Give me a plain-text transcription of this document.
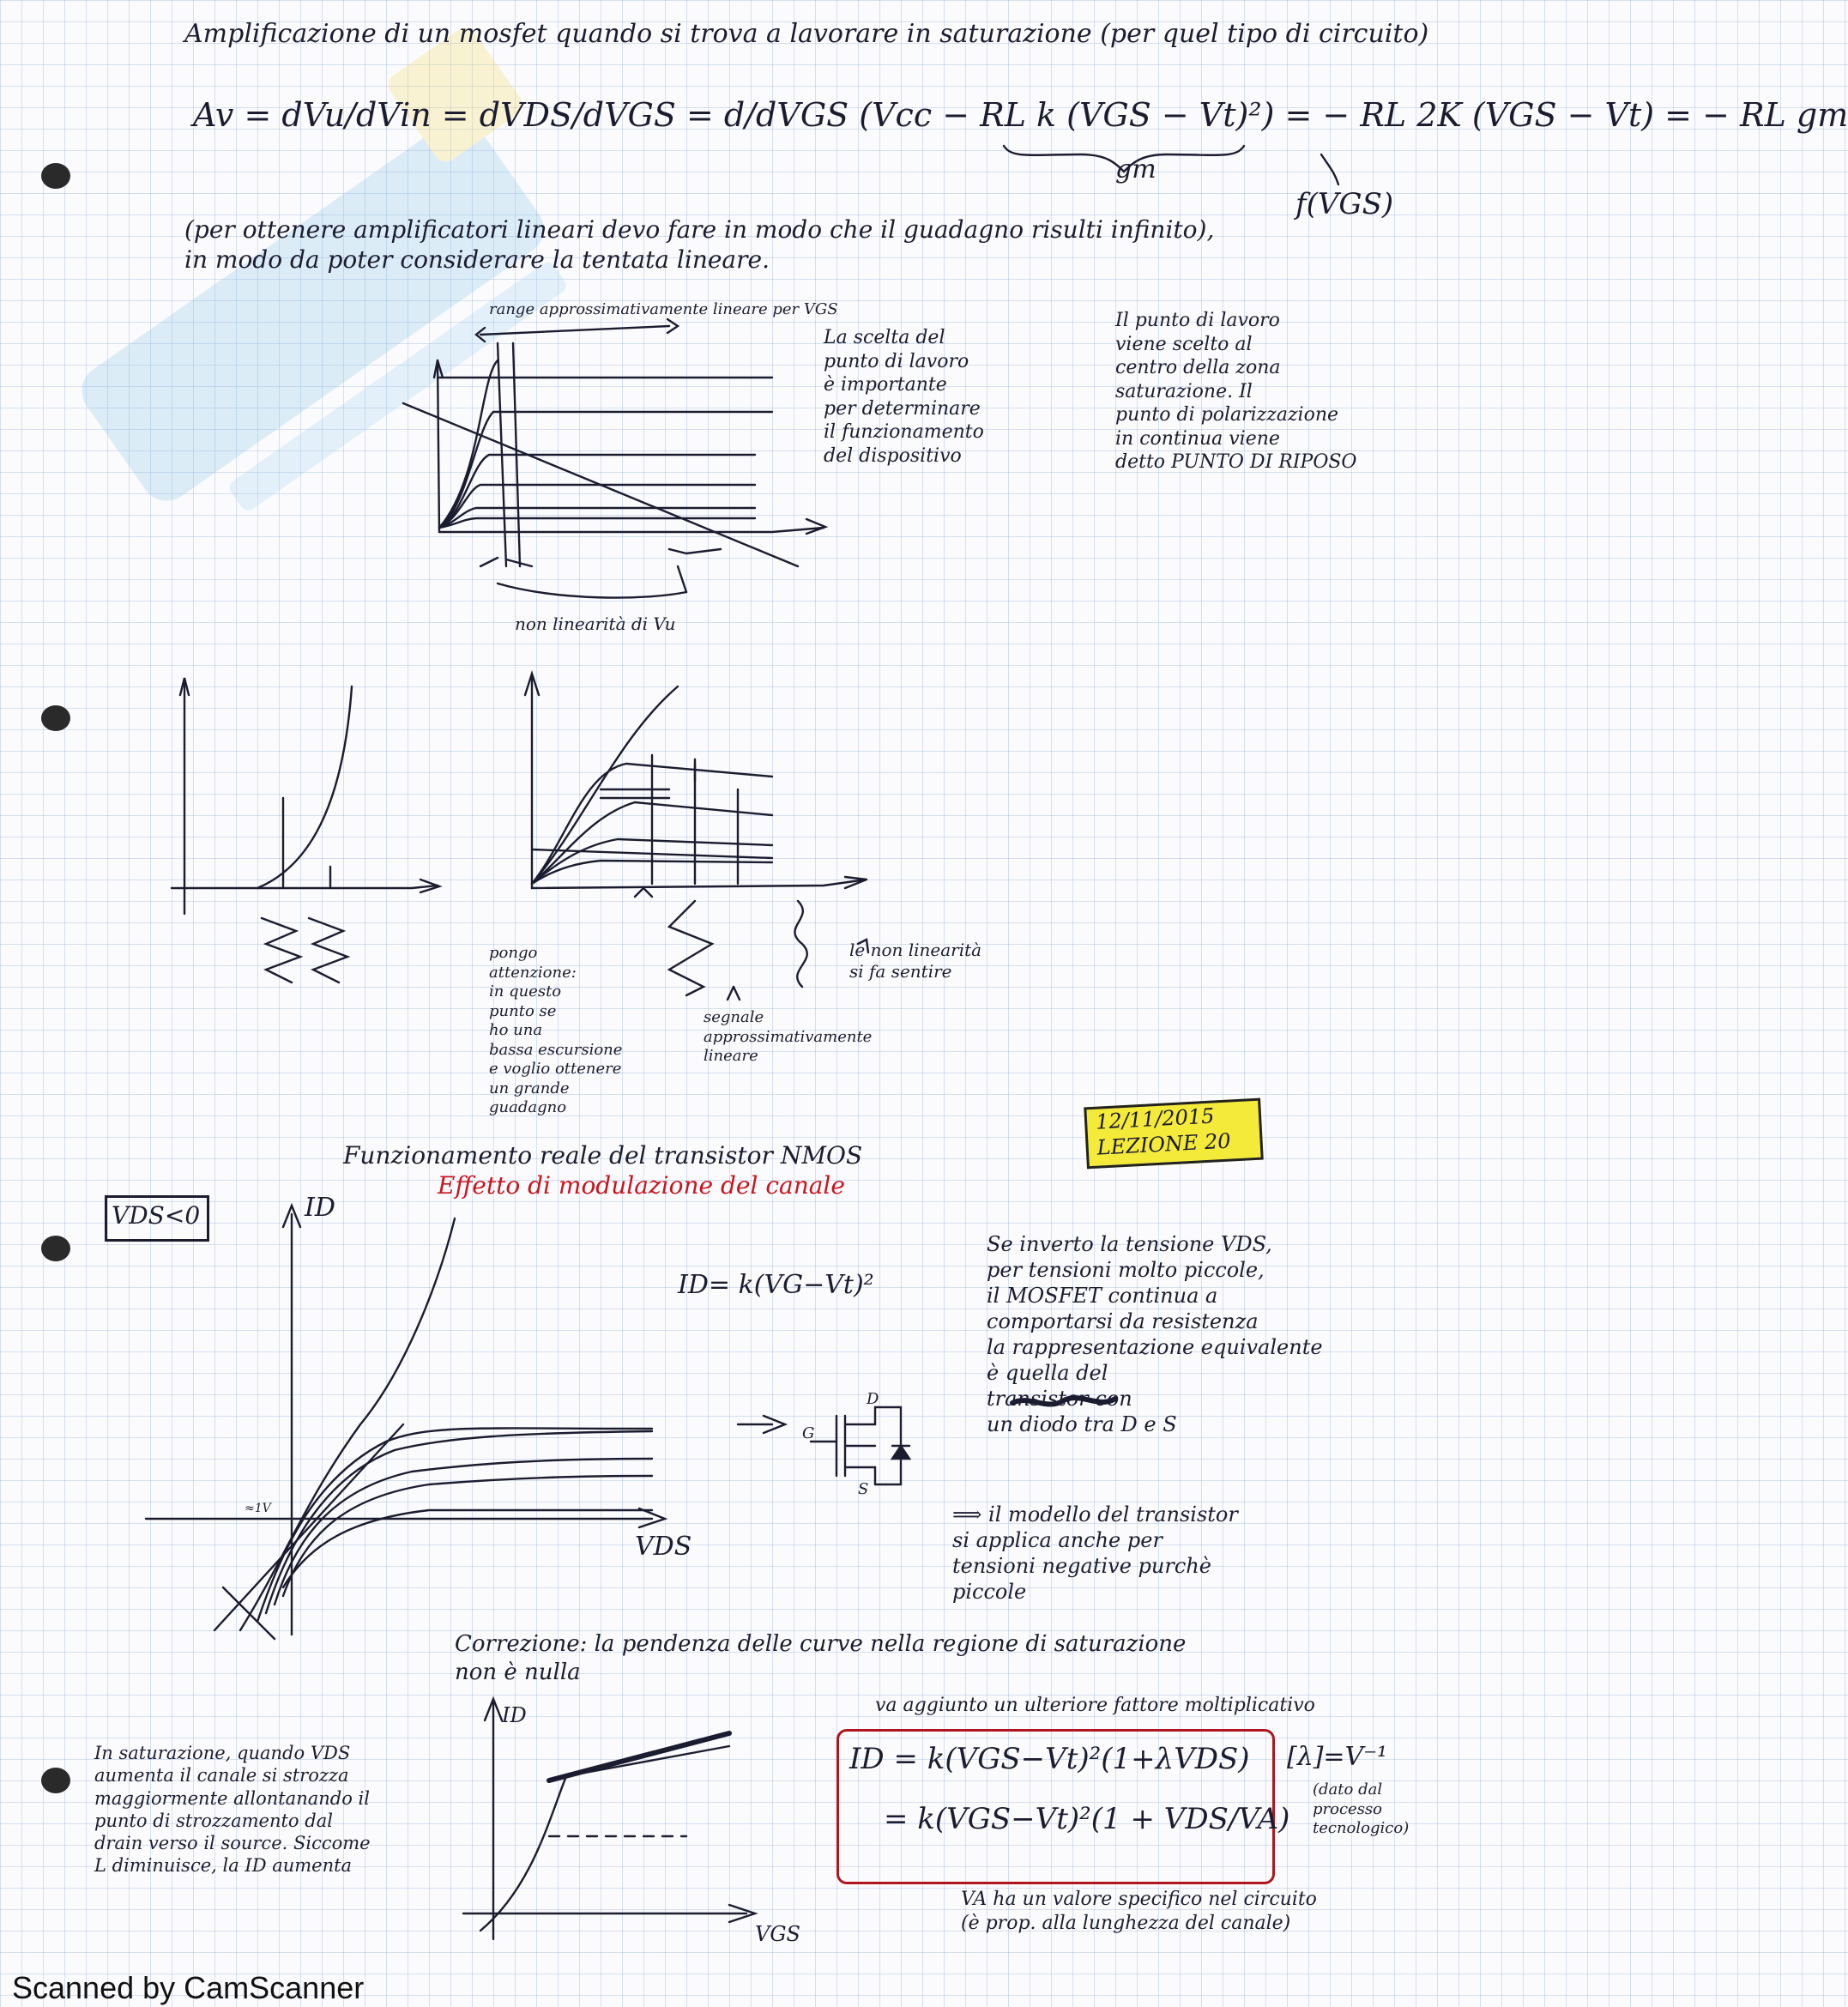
Amplificazione di un mosfet quando si trova a lavorare in saturazione (per quel tipo di circuito)
Av = dVu/dVin = dVDS/dVGS = d/dVGS (Vcc − RL k (VGS − Vt)²) = − RL 2K (VGS − Vt) = − RL gm
gm
f(VGS)
(per ottenere amplificatori lineari devo fare in modo che il guadagno risulti infinito),
in modo da poter considerare la tentata lineare.
range approssimativamente lineare per VGS
non linearità di Vu
La scelta del
punto di lavoro
è importante
per determinare
il funzionamento
del dispositivo
Il punto di lavoro
viene scelto al
centro della zona
saturazione. Il
punto di polarizzazione
in continua viene
detto PUNTO DI RIPOSO
pongo
attenzione:
in questo
punto se
ho una
bassa escursione
e voglio ottenere
un grande
guadagno
segnale
approssimativamente
lineare
le non linearità
si fa sentire
12/11/2015
LEZIONE 20
Funzionamento reale del transistor NMOS
Effetto di modulazione del canale
VDS<0	ID
VDS
ID= k(VG−Vt)²
Se inverto la tensione VDS,
per tensioni molto piccole,
il MOSFET continua a
comportarsi da resistenza
la rappresentazione equivalente
è quella del
transistor con
un diodo tra D e S
G
D
S
⟹ il modello del transistor
si applica anche per
tensioni negative purchè
piccole
≈1V
Correzione: la pendenza delle curve nella regione di saturazione
non è nulla
ID	va aggiunto un ulteriore fattore moltiplicativo
ID = k(VGS−Vt)²(1+λVDS)
= k(VGS−Vt)²(1 + VDS/VA)
[λ]=V⁻¹
(dato dal
processo
tecnologico)
In saturazione, quando VDS
aumenta il canale si strozza
maggiormente allontanando il
punto di strozzamento dal
drain verso il source. Siccome
L diminuisce, la ID aumenta
VA ha un valore specifico nel circuito
(è prop. alla lunghezza del canale)
VGS
Scanned by CamScanner
